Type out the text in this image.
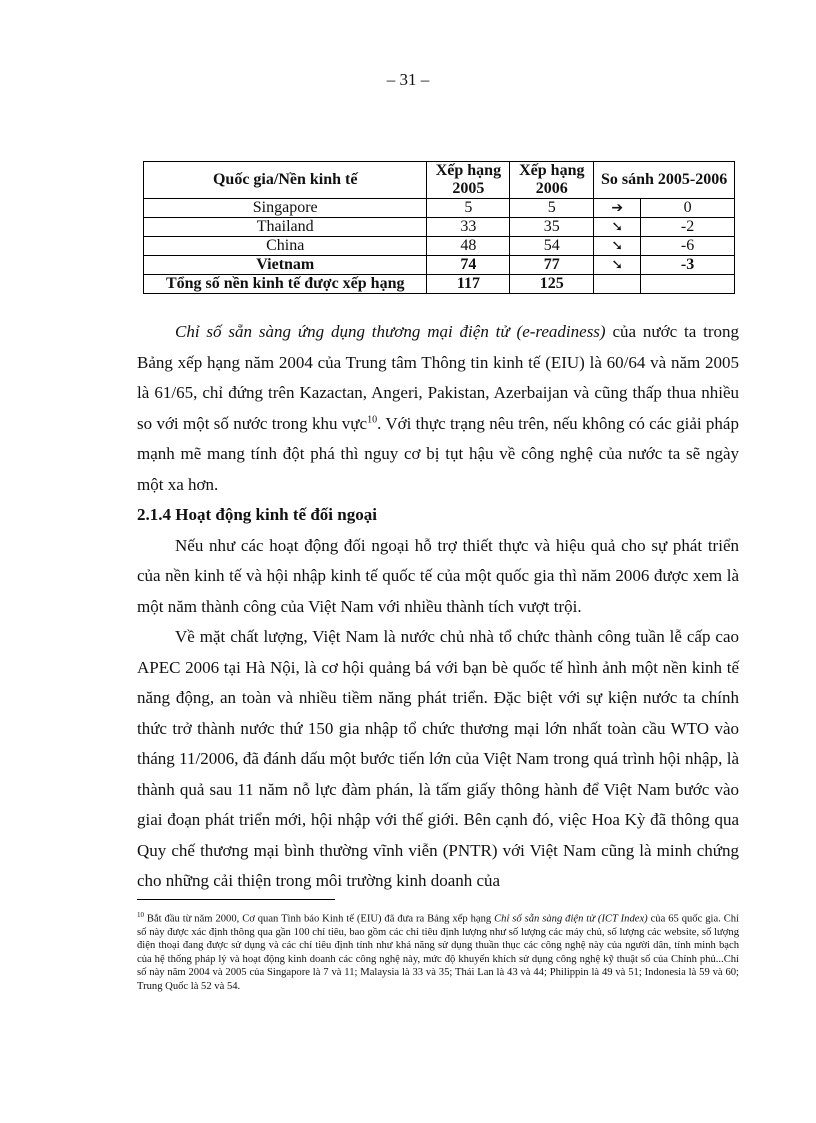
– 31 –
Quốc gia/Nền kinh tế	Xếp hạng 2005	Xếp hạng 2006	So sánh 2005-2006	
Singapore	5	5	➔	0
Thailand	33	35	➘	-2
China	48	54	➘	-6
Vietnam	74	77	➘	-3
Tổng số nền kinh tế được xếp hạng	117	125		

Chỉ số sẵn sàng ứng dụng thương mại điện tử (e-readiness) của nước ta trong Bảng xếp hạng năm 2004 của Trung tâm Thông tin kinh tế (EIU) là 60/64 và năm 2005 là 61/65, chỉ đứng trên Kazactan, Angeri, Pakistan, Azerbaijan và cũng thấp thua nhiều so với một số nước trong khu vực$^{10}$. Với thực trạng nêu trên, nếu không có các giải pháp mạnh mẽ mang tính đột phá thì nguy cơ bị tụt hậu về công nghệ của nước ta sẽ ngày một xa hơn.

2.1.4 Hoạt động kinh tế đối ngoại

Nếu như các hoạt động đối ngoại hỗ trợ thiết thực và hiệu quả cho sự phát triển của nền kinh tế và hội nhập kinh tế quốc tế của một quốc gia thì năm 2006 được xem là một năm thành công của Việt Nam với nhiều thành tích vượt trội.

Về mặt chất lượng, Việt Nam là nước chủ nhà tổ chức thành công tuần lễ cấp cao APEC 2006 tại Hà Nội, là cơ hội quảng bá với bạn bè quốc tế hình ảnh một nền kinh tế năng động, an toàn và nhiều tiềm năng phát triển. Đặc biệt với sự kiện nước ta chính thức trở thành nước thứ 150 gia nhập tổ chức thương mại lớn nhất toàn cầu WTO vào tháng 11/2006, đã đánh dấu một bước tiến lớn của Việt Nam trong quá trình hội nhập, là thành quả sau 11 năm nỗ lực đàm phán, là tấm giấy thông hành để Việt Nam bước vào giai đoạn phát triển mới, hội nhập với thế giới. Bên cạnh đó, việc Hoa Kỳ đã thông qua Quy chế thương mại bình thường vĩnh viễn (PNTR) với Việt Nam cũng là minh chứng cho những cải thiện trong môi trường kinh doanh của

$^{10}$ Bắt đầu từ năm 2000, Cơ quan Tình báo Kinh tế (EIU) đã đưa ra Bảng xếp hạng Chỉ số sẵn sàng điện tử (ICT Index) của 65 quốc gia. Chỉ số này được xác định thông qua gần 100 chỉ tiêu, bao gồm các chỉ tiêu định lượng như số lượng các máy chủ, số lượng các website, số lượng điện thoại đang được sử dụng và các chỉ tiêu định tính như khả năng sử dụng thuần thục các công nghệ này của người dân, tính minh bạch của hệ thống pháp lý và hoạt động kinh doanh các công nghệ này, mức độ khuyến khích sử dụng công nghệ kỹ thuật số của Chính phủ...Chỉ số này năm 2004 và 2005 của Singapore là 7 và 11; Malaysia là 33 và 35; Thái Lan là 43 và 44; Philippin là 49 và 51; Indonesia là 59 và 60; Trung Quốc là 52 và 54.
